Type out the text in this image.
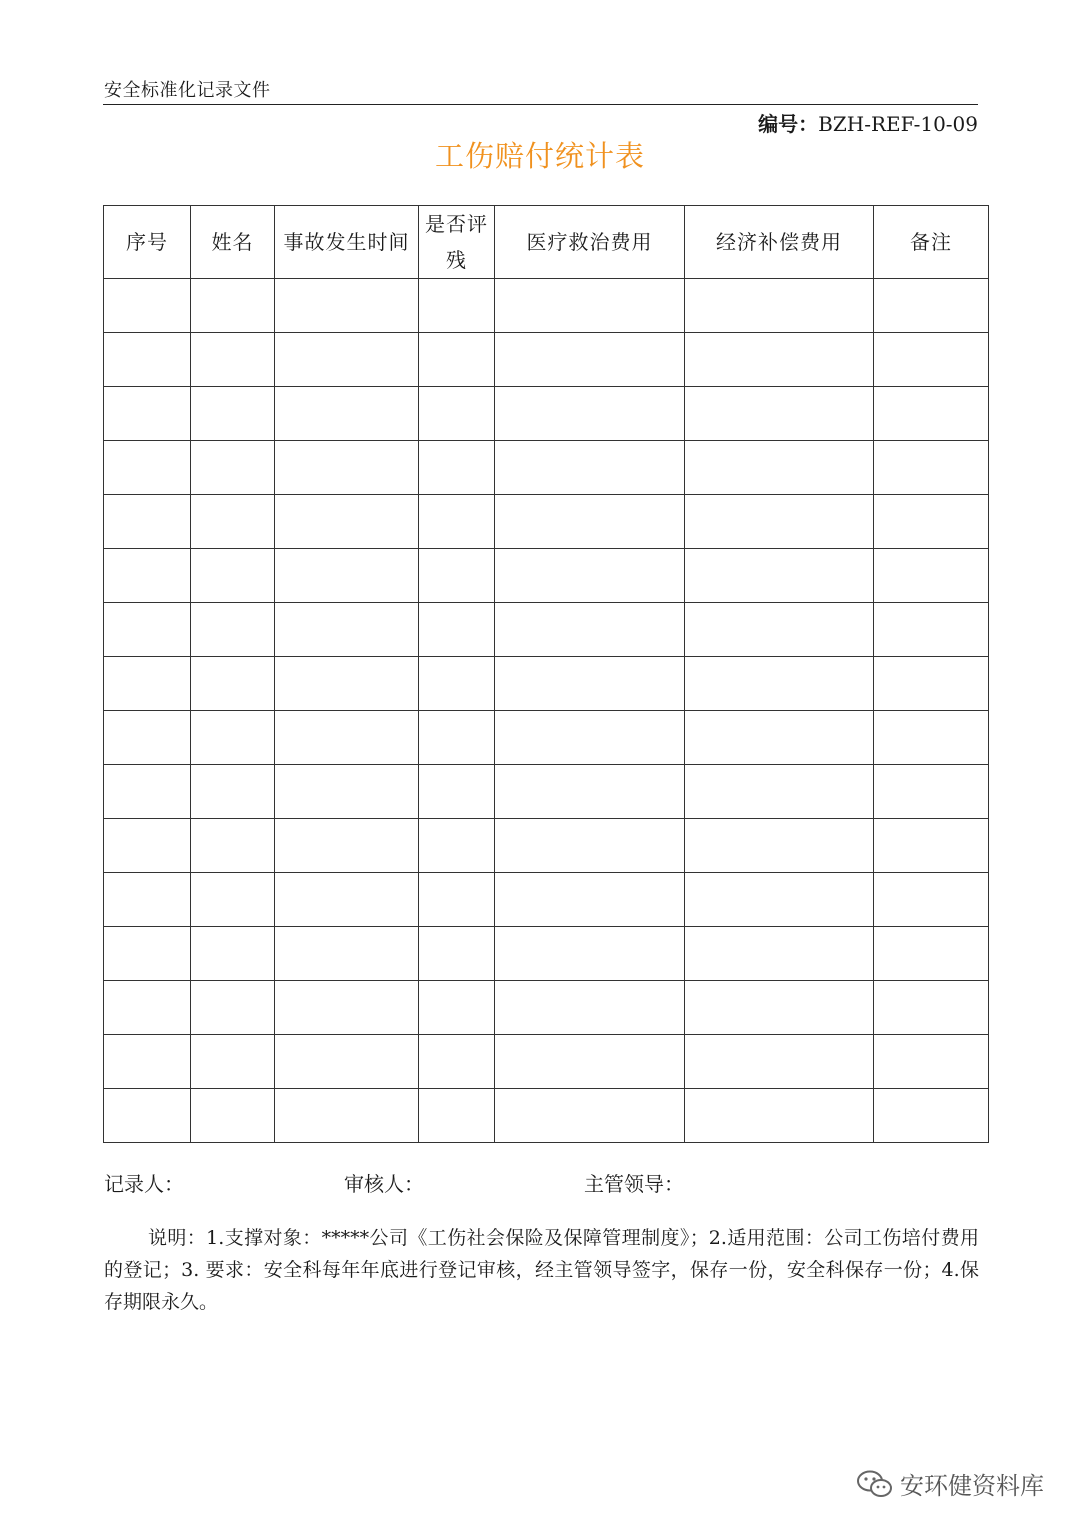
安全标准化记录文件
编号：BZH-REF-10-09
工伤赔付统计表
序号	姓名	事故发生时间	是否评残	医疗救治费用	经济补偿费用	备注

记录人：	审核人：	主管领导：
说明：1.支撑对象：*****公司《工伤社会保险及保障管理制度》；2.适用范围：公司工伤培付费用的登记；3. 要求：安全科每年年底进行登记审核，经主管领导签字，保存一份，安全科保存一份；4.保存期限永久。
安环健资料库
